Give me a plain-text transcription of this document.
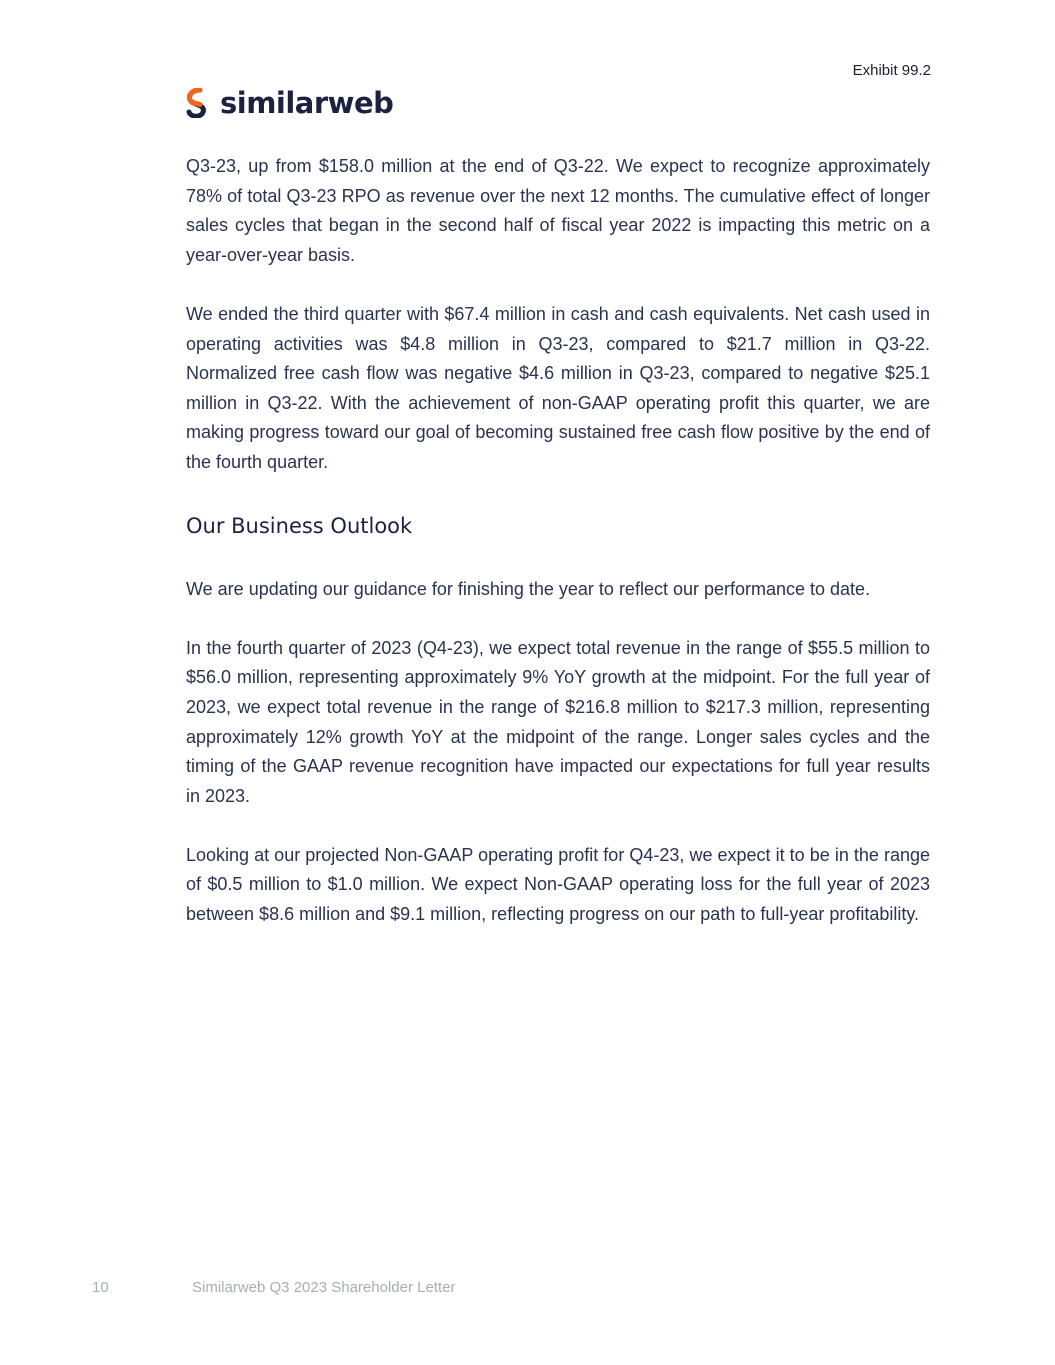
Exhibit 99.2
similarweb

Q3-23, up from $158.0 million at the end of Q3-22. We expect to recognize approximately 78% of total Q3-23 RPO as revenue over the next 12 months. The cumulative effect of longer sales cycles that began in the second half of fiscal year 2022 is impacting this metric on a year-over-year basis.

We ended the third quarter with $67.4 million in cash and cash equivalents. Net cash used in operating activities was $4.8 million in Q3-23, compared to $21.7 million in Q3-22. Normalized free cash flow was negative $4.6 million in Q3-23, compared to negative $25.1 million in Q3-22. With the achievement of non-GAAP operating profit this quarter, we are making progress toward our goal of becoming sustained free cash flow positive by the end of the fourth quarter.

Our Business Outlook

We are updating our guidance for finishing the year to reflect our performance to date.

In the fourth quarter of 2023 (Q4-23), we expect total revenue in the range of $55.5 million to $56.0 million, representing approximately 9% YoY growth at the midpoint. For the full year of 2023, we expect total revenue in the range of $216.8 million to $217.3 million, representing approximately 12% growth YoY at the midpoint of the range. Longer sales cycles and the timing of the GAAP revenue recognition have impacted our expectations for full year results in 2023.

Looking at our projected Non-GAAP operating profit for Q4-23, we expect it to be in the range of $0.5 million to $1.0 million. We expect Non-GAAP operating loss for the full year of 2023 between $8.6 million and $9.1 million, reflecting progress on our path to full-year profitability.

10	Similarweb Q3 2023 Shareholder Letter
